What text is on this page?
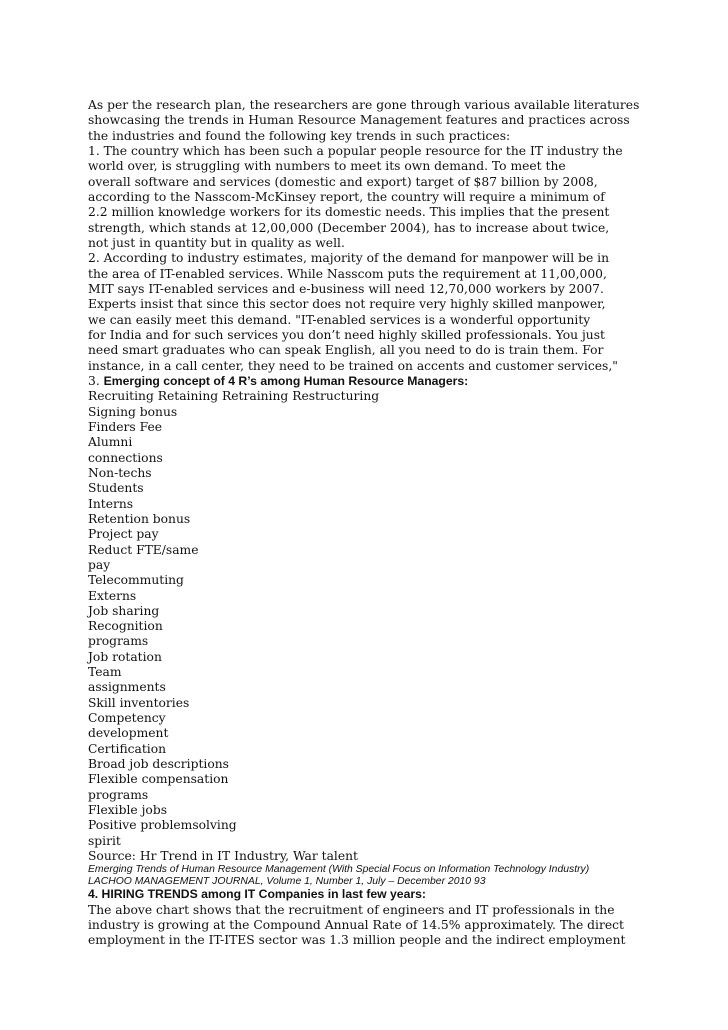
As per the research plan, the researchers are gone through various available literatures
showcasing the trends in Human Resource Management features and practices across
the industries and found the following key trends in such practices:
1. The country which has been such a popular people resource for the IT industry the
world over, is struggling with numbers to meet its own demand. To meet the
overall software and services (domestic and export) target of $87 billion by 2008,
according to the Nasscom-McKinsey report, the country will require a minimum of
2.2 million knowledge workers for its domestic needs. This implies that the present
strength, which stands at 12,00,000 (December 2004), has to increase about twice,
not just in quantity but in quality as well.
2. According to industry estimates, majority of the demand for manpower will be in
the area of IT-enabled services. While Nasscom puts the requirement at 11,00,000,
MIT says IT-enabled services and e-business will need 12,70,000 workers by 2007.
Experts insist that since this sector does not require very highly skilled manpower,
we can easily meet this demand. "IT-enabled services is a wonderful opportunity
for India and for such services you don’t need highly skilled professionals. You just
need smart graduates who can speak English, all you need to do is train them. For
instance, in a call center, they need to be trained on accents and customer services,"
3. Emerging concept of 4 R’s among Human Resource Managers:
Recruiting Retaining Retraining Restructuring
Signing bonus
Finders Fee
Alumni
connections
Non-techs
Students
Interns
Retention bonus
Project pay
Reduct FTE/same
pay
Telecommuting
Externs
Job sharing
Recognition
programs
Job rotation
Team
assignments
Skill inventories
Competency
development
Certification
Broad job descriptions
Flexible compensation
programs
Flexible jobs
Positive problemsolving
spirit
Source: Hr Trend in IT Industry, War talent
Emerging Trends of Human Resource Management (With Special Focus on Information Technology Industry)
LACHOO MANAGEMENT JOURNAL, Volume 1, Number 1, July – December 2010 93
4. HIRING TRENDS among IT Companies in last few years:
The above chart shows that the recruitment of engineers and IT professionals in the
industry is growing at the Compound Annual Rate of 14.5% approximately. The direct
employment in the IT-ITES sector was 1.3 million people and the indirect employment
